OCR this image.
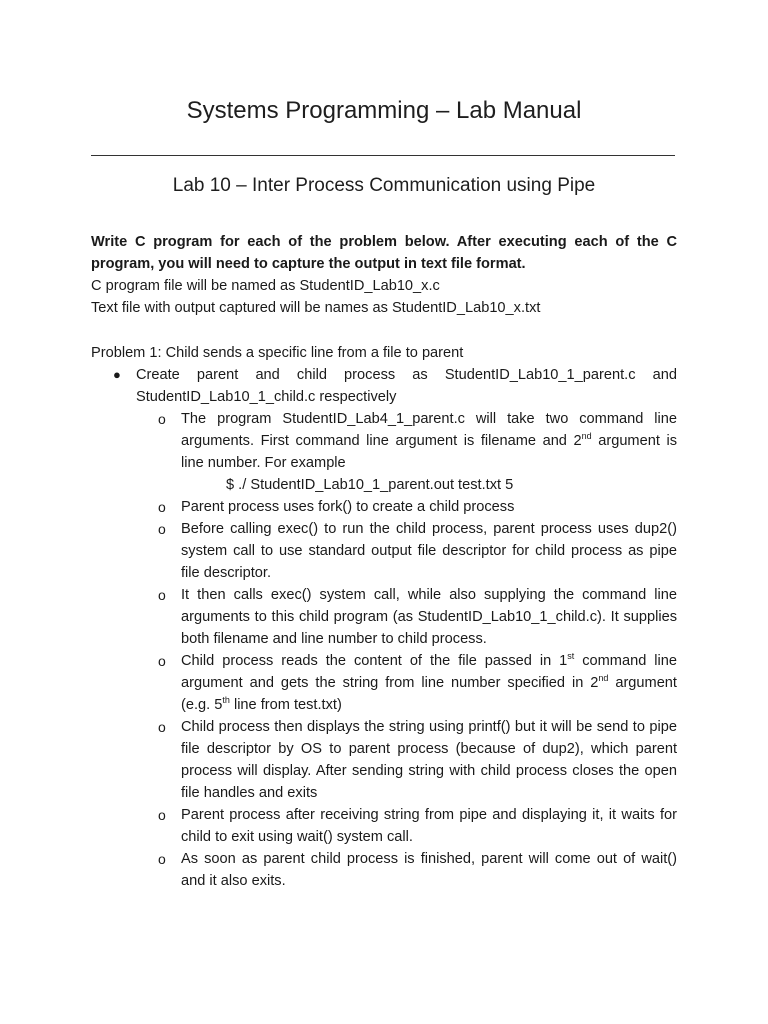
Systems Programming – Lab Manual
Lab 10 – Inter Process Communication using Pipe

Write C program for each of the problem below. After executing each of the C program, you will need to capture the output in text file format.

C program file will be named as StudentID_Lab10_x.c

Text file with output captured will be names as StudentID_Lab10_x.txt

Problem 1: Child sends a specific line from a file to parent

● Create parent and child process as StudentID_Lab10_1_parent.c and StudentID_Lab10_1_child.c respectively
o The program StudentID_Lab4_1_parent.c will take two command line arguments. First command line argument is filename and 2nd argument is line number. For example
$ ./ StudentID_Lab10_1_parent.out test.txt 5
o Parent process uses fork() to create a child process
o Before calling exec() to run the child process, parent process uses dup2() system call to use standard output file descriptor for child process as pipe file descriptor.
o It then calls exec() system call, while also supplying the command line arguments to this child program (as StudentID_Lab10_1_child.c). It supplies both filename and line number to child process.
o Child process reads the content of the file passed in 1st command line argument and gets the string from line number specified in 2nd argument (e.g. 5th line from test.txt)
o Child process then displays the string using printf() but it will be send to pipe file descriptor by OS to parent process (because of dup2), which parent process will display. After sending string with child process closes the open file handles and exits
o Parent process after receiving string from pipe and displaying it, it waits for child to exit using wait() system call.
o As soon as parent child process is finished, parent will come out of wait() and it also exits.
